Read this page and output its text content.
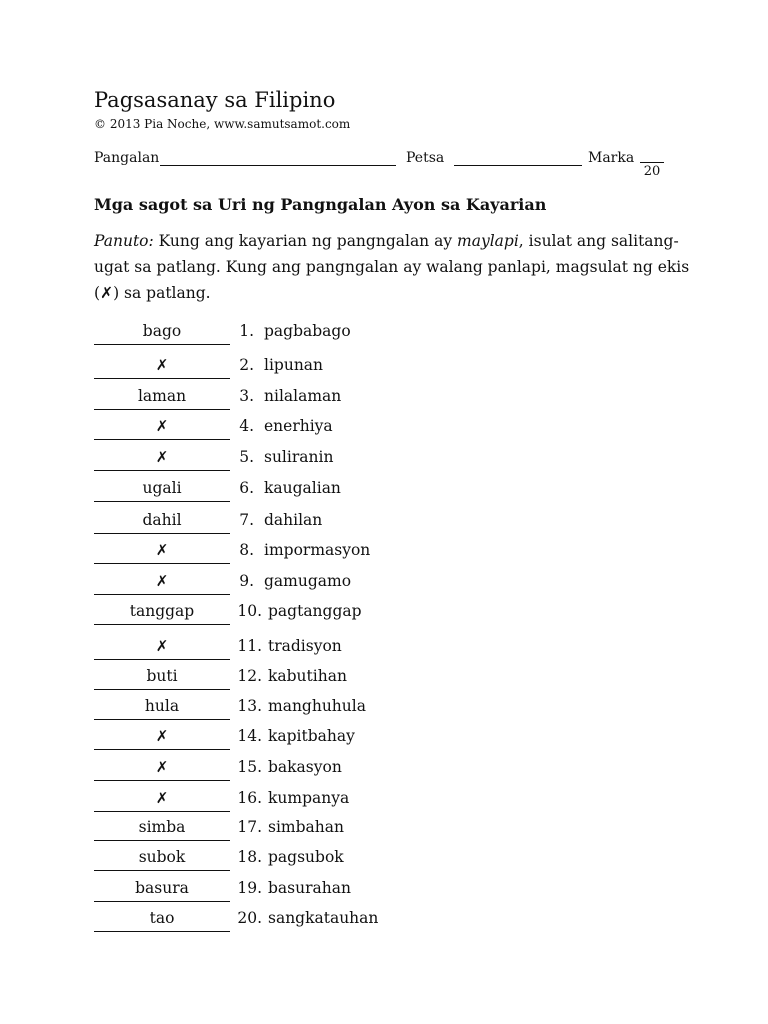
Pagsasanay sa Filipino
© 2013 Pia Noche, www.samutsamot.com
Pangalan	Petsa	Marka
20
Mga sagot sa Uri ng Pangngalan Ayon sa Kayarian
Panuto: Kung ang kayarian ng pangngalan ay maylapi, isulat ang salitang-ugat sa patlang. Kung ang pangngalan ay walang panlapi, magsulat ng ekis (✗) sa patlang.
bago	1. pagbabago
✗	2. lipunan
laman	3. nilalaman
✗	4. enerhiya
✗	5. suliranin
ugali	6. kaugalian
dahil	7. dahilan
✗	8. impormasyon
✗	9. gamugamo
tanggap	10. pagtanggap
✗	11. tradisyon
buti	12. kabutihan
hula	13. manghuhula
✗	14. kapitbahay
✗	15. bakasyon
✗	16. kumpanya
simba	17. simbahan
subok	18. pagsubok
basura	19. basurahan
tao	20. sangkatauhan
